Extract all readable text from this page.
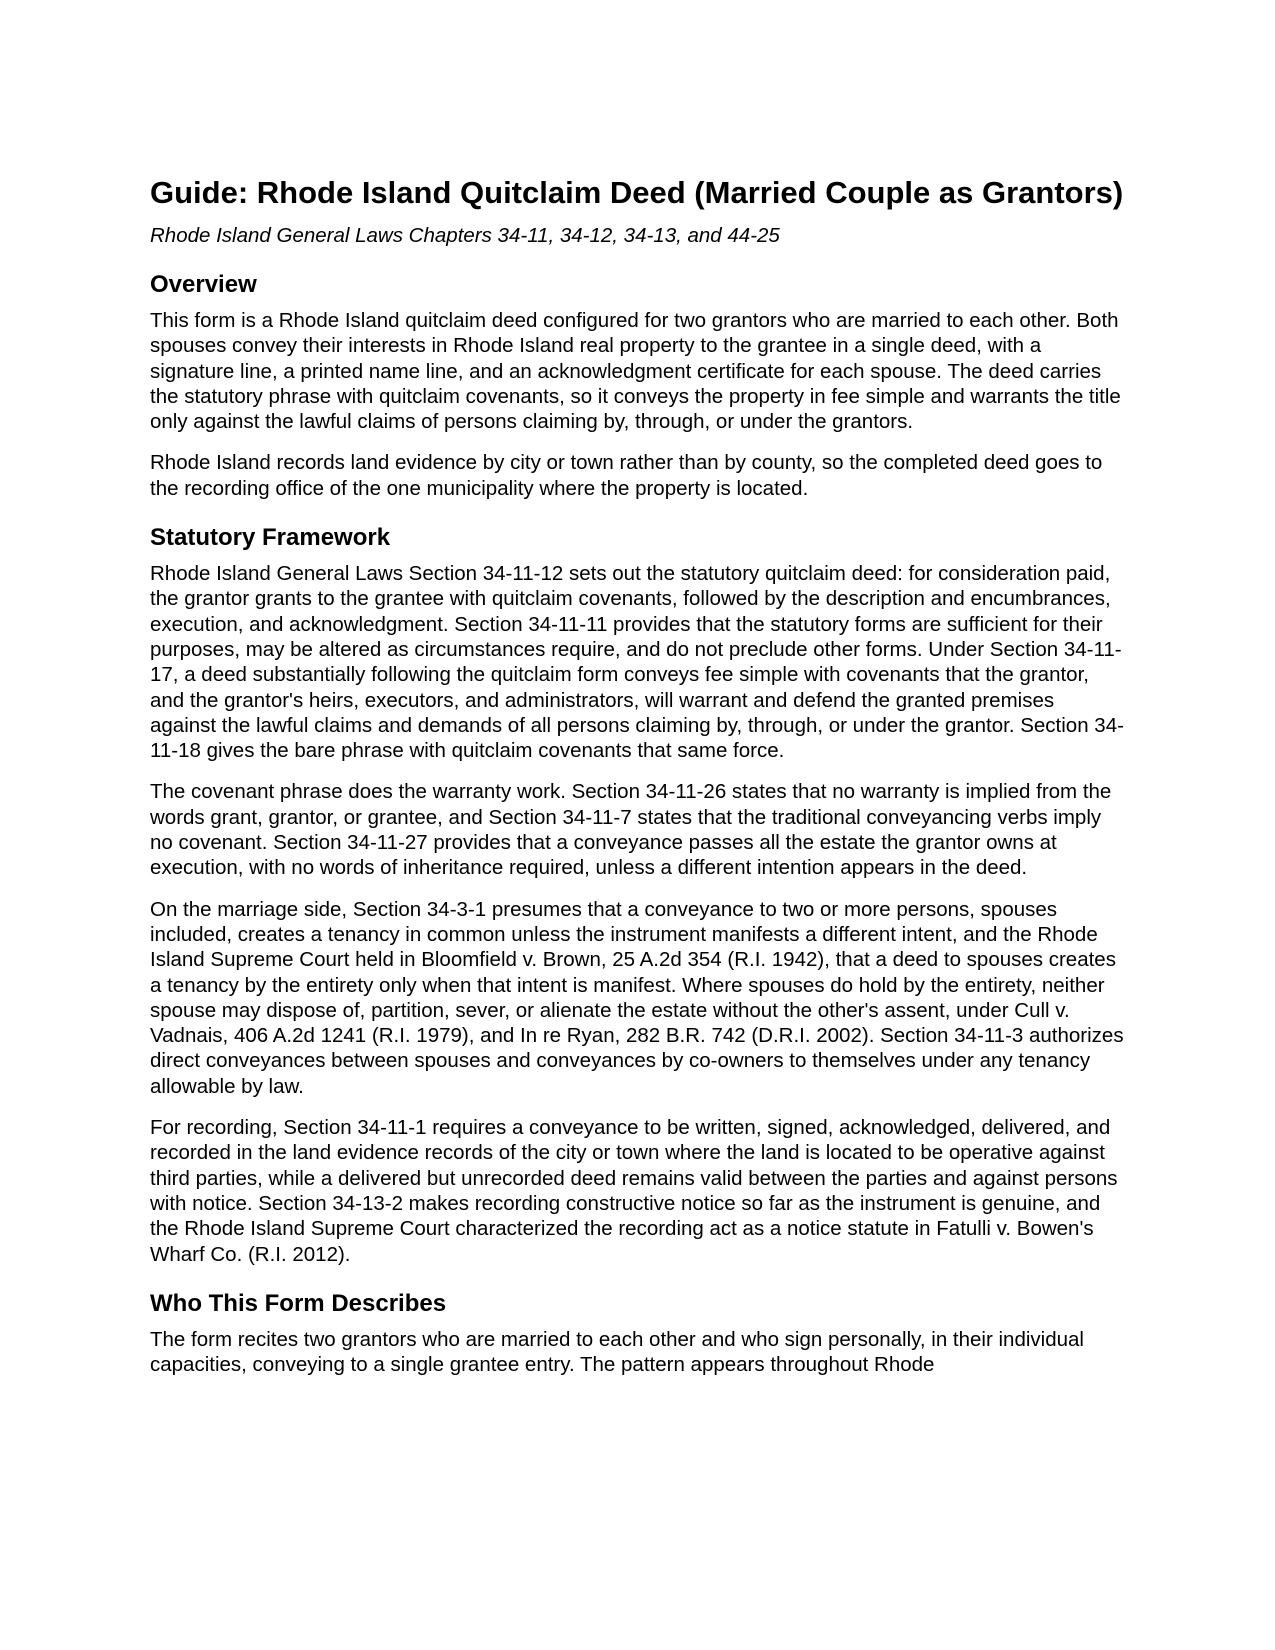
Guide: Rhode Island Quitclaim Deed (Married Couple as Grantors)
Rhode Island General Laws Chapters 34-11, 34-12, 34-13, and 44-25
Overview

This form is a Rhode Island quitclaim deed configured for two grantors who are married to each other. Both spouses convey their interests in Rhode Island real property to the grantee in a single deed, with a signature line, a printed name line, and an acknowledgment certificate for each spouse. The deed carries the statutory phrase with quitclaim covenants, so it conveys the property in fee simple and warrants the title only against the lawful claims of persons claiming by, through, or under the grantors.

Rhode Island records land evidence by city or town rather than by county, so the completed deed goes to the recording office of the one municipality where the property is located.

Statutory Framework

Rhode Island General Laws Section 34-11-12 sets out the statutory quitclaim deed: for consideration paid, the grantor grants to the grantee with quitclaim covenants, followed by the description and encumbrances, execution, and acknowledgment. Section 34-11-11 provides that the statutory forms are sufficient for their purposes, may be altered as circumstances require, and do not preclude other forms. Under Section 34-11-17, a deed substantially following the quitclaim form conveys fee simple with covenants that the grantor, and the grantor's heirs, executors, and administrators, will warrant and defend the granted premises against the lawful claims and demands of all persons claiming by, through, or under the grantor. Section 34-11-18 gives the bare phrase with quitclaim covenants that same force.

The covenant phrase does the warranty work. Section 34-11-26 states that no warranty is implied from the words grant, grantor, or grantee, and Section 34-11-7 states that the traditional conveyancing verbs imply no covenant. Section 34-11-27 provides that a conveyance passes all the estate the grantor owns at execution, with no words of inheritance required, unless a different intention appears in the deed.

On the marriage side, Section 34-3-1 presumes that a conveyance to two or more persons, spouses included, creates a tenancy in common unless the instrument manifests a different intent, and the Rhode Island Supreme Court held in Bloomfield v. Brown, 25 A.2d 354 (R.I. 1942), that a deed to spouses creates a tenancy by the entirety only when that intent is manifest. Where spouses do hold by the entirety, neither spouse may dispose of, partition, sever, or alienate the estate without the other's assent, under Cull v. Vadnais, 406 A.2d 1241 (R.I. 1979), and In re Ryan, 282 B.R. 742 (D.R.I. 2002). Section 34-11-3 authorizes direct conveyances between spouses and conveyances by co-owners to themselves under any tenancy allowable by law.

For recording, Section 34-11-1 requires a conveyance to be written, signed, acknowledged, delivered, and recorded in the land evidence records of the city or town where the land is located to be operative against third parties, while a delivered but unrecorded deed remains valid between the parties and against persons with notice. Section 34-13-2 makes recording constructive notice so far as the instrument is genuine, and the Rhode Island Supreme Court characterized the recording act as a notice statute in Fatulli v. Bowen's Wharf Co. (R.I. 2012).

Who This Form Describes

The form recites two grantors who are married to each other and who sign personally, in their individual capacities, conveying to a single grantee entry. The pattern appears throughout Rhode
